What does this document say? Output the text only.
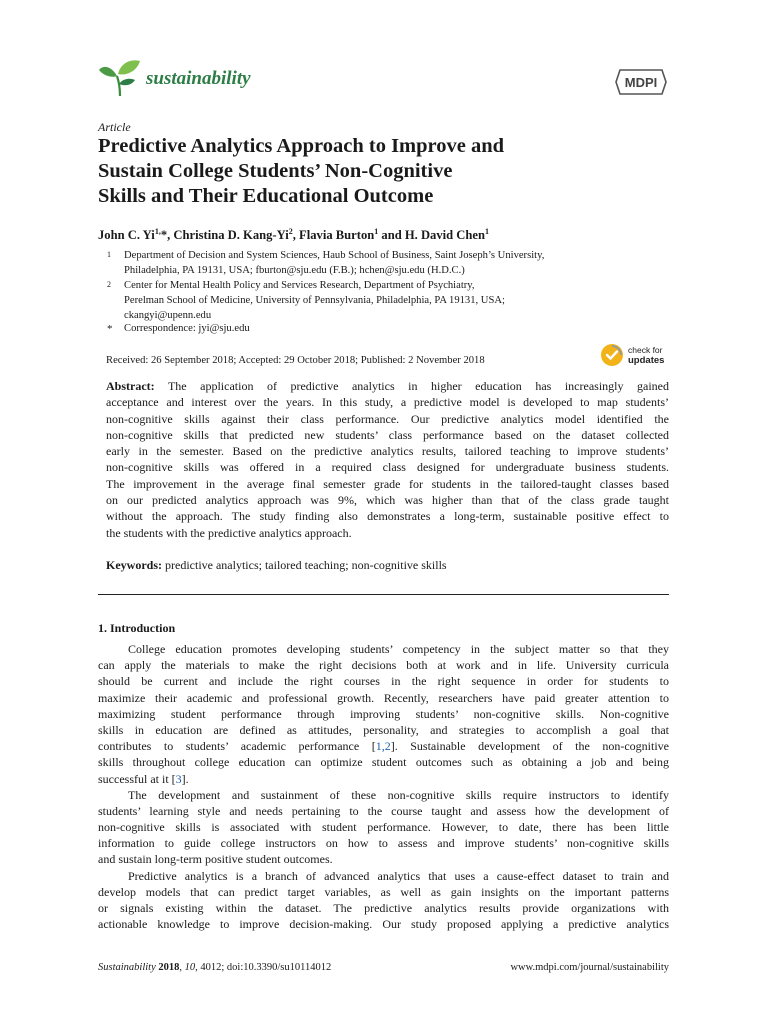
sustainability	MDPI
Article
Predictive Analytics Approach to Improve and
Sustain College Students’ Non-Cognitive
Skills and Their Educational Outcome
John C. $Yi^{1,}*$, Christina D. Kang-Yi$^2$, Flavia Burton$^1$ and H. David Chen$^1$
1	Department of Decision and System Sciences, Haub School of Business, Saint Joseph’s University,
Philadelphia, PA 19131, USA; fburton@sju.edu (F.B.); hchen@sju.edu (H.D.C.)
2	Center for Mental Health Policy and Services Research, Department of Psychiatry,
Perelman School of Medicine, University of Pennsylvania, Philadelphia, PA 19131, USA;
ckangyi@upenn.edu
*	Correspondence: jyi@sju.edu
Received: 26 September 2018; Accepted: 29 October 2018; Published: 2 November 2018
check for
updates
Abstract: The application of predictive analytics in higher education has increasingly gained
acceptance and interest over the years. In this study, a predictive model is developed to map students’
non-cognitive skills against their class performance. Our predictive analytics model identified the
non-cognitive skills that predicted new students’ class performance based on the dataset collected
early in the semester. Based on the predictive analytics results, tailored teaching to improve students’
non-cognitive skills was offered in a required class designed for undergraduate business students.
The improvement in the average final semester grade for students in the tailored-taught classes based
on our predicted analytics approach was 9%, which was higher than that of the class grade taught
without the approach. The study finding also demonstrates a long-term, sustainable positive effect to
the students with the predictive analytics approach.
Keywords: predictive analytics; tailored teaching; non-cognitive skills
1. Introduction
College education promotes developing students’ competency in the subject matter so that they
can apply the materials to make the right decisions both at work and in life. University curricula
should be current and include the right courses in the right sequence in order for students to
maximize their academic and professional growth. Recently, researchers have paid greater attention to
maximizing student performance through improving students’ non-cognitive skills. Non-cognitive
skills in education are defined as attitudes, personality, and strategies to accomplish a goal that
contributes to students’ academic performance [1,2]. Sustainable development of the non-cognitive
skills throughout college education can optimize student outcomes such as obtaining a job and being
successful at it [3].
The development and sustainment of these non-cognitive skills require instructors to identify
students’ learning style and needs pertaining to the course taught and assess how the development of
non-cognitive skills is associated with student performance. However, to date, there has been little
information to guide college instructors on how to assess and improve students’ non-cognitive skills
and sustain long-term positive student outcomes.
Predictive analytics is a branch of advanced analytics that uses a cause-effect dataset to train and
develop models that can predict target variables, as well as gain insights on the important patterns
or signals existing within the dataset. The predictive analytics results provide organizations with
actionable knowledge to improve decision-making. Our study proposed applying a predictive analytics
Sustainability 2018, 10, 4012; doi:10.3390/su10114012	www.mdpi.com/journal/sustainability
